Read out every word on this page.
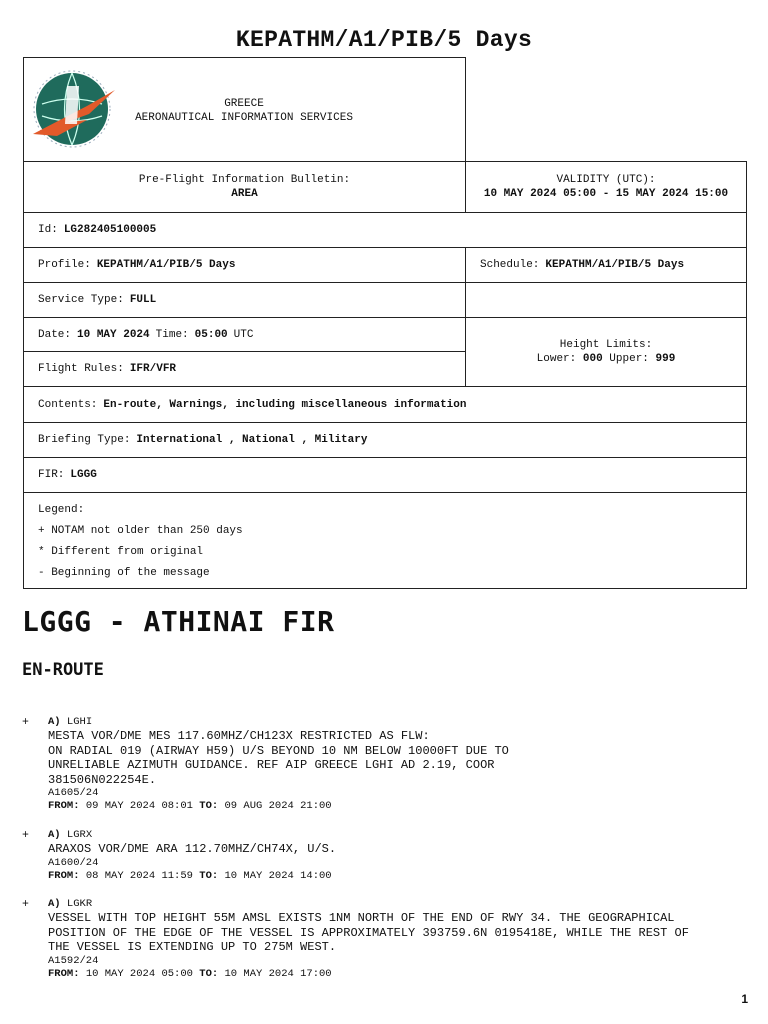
KEPATHM/A1/PIB/5 Days
GREECE
AERONAUTICAL INFORMATION SERVICES
Pre-Flight Information Bulletin:
AREA
VALIDITY (UTC):
10 MAY 2024 05:00 - 15 MAY 2024 15:00
Id: LG282405100005
Profile: KEPATHM/A1/PIB/5 Days	Schedule: KEPATHM/A1/PIB/5 Days
Service Type: FULL
Date: 10 MAY 2024 Time: 05:00 UTC
Flight Rules: IFR/VFR
Height Limits:
Lower: 000 Upper: 999
Contents: En-route, Warnings, including miscellaneous information
Briefing Type: International , National , Military
FIR: LGGG
Legend:
+ NOTAM not older than 250 days
* Different from original
- Beginning of the message
LGGG - ATHINAI FIR
EN-ROUTE
+ A) LGHI
MESTA VOR/DME MES 117.60MHZ/CH123X RESTRICTED AS FLW:
ON RADIAL 019 (AIRWAY H59) U/S BEYOND 10 NM BELOW 10000FT DUE TO
UNRELIABLE AZIMUTH GUIDANCE. REF AIP GREECE LGHI AD 2.19, COOR
381506N022254E.
A1605/24
FROM: 09 MAY 2024 08:01 TO: 09 AUG 2024 21:00
+ A) LGRX
ARAXOS VOR/DME ARA 112.70MHZ/CH74X, U/S.
A1600/24
FROM: 08 MAY 2024 11:59 TO: 10 MAY 2024 14:00
+ A) LGKR
VESSEL WITH TOP HEIGHT 55M AMSL EXISTS 1NM NORTH OF THE END OF RWY 34. THE GEOGRAPHICAL
POSITION OF THE EDGE OF THE VESSEL IS APPROXIMATELY 393759.6N 0195418E, WHILE THE REST OF
THE VESSEL IS EXTENDING UP TO 275M WEST.
A1592/24
FROM: 10 MAY 2024 05:00 TO: 10 MAY 2024 17:00
1
